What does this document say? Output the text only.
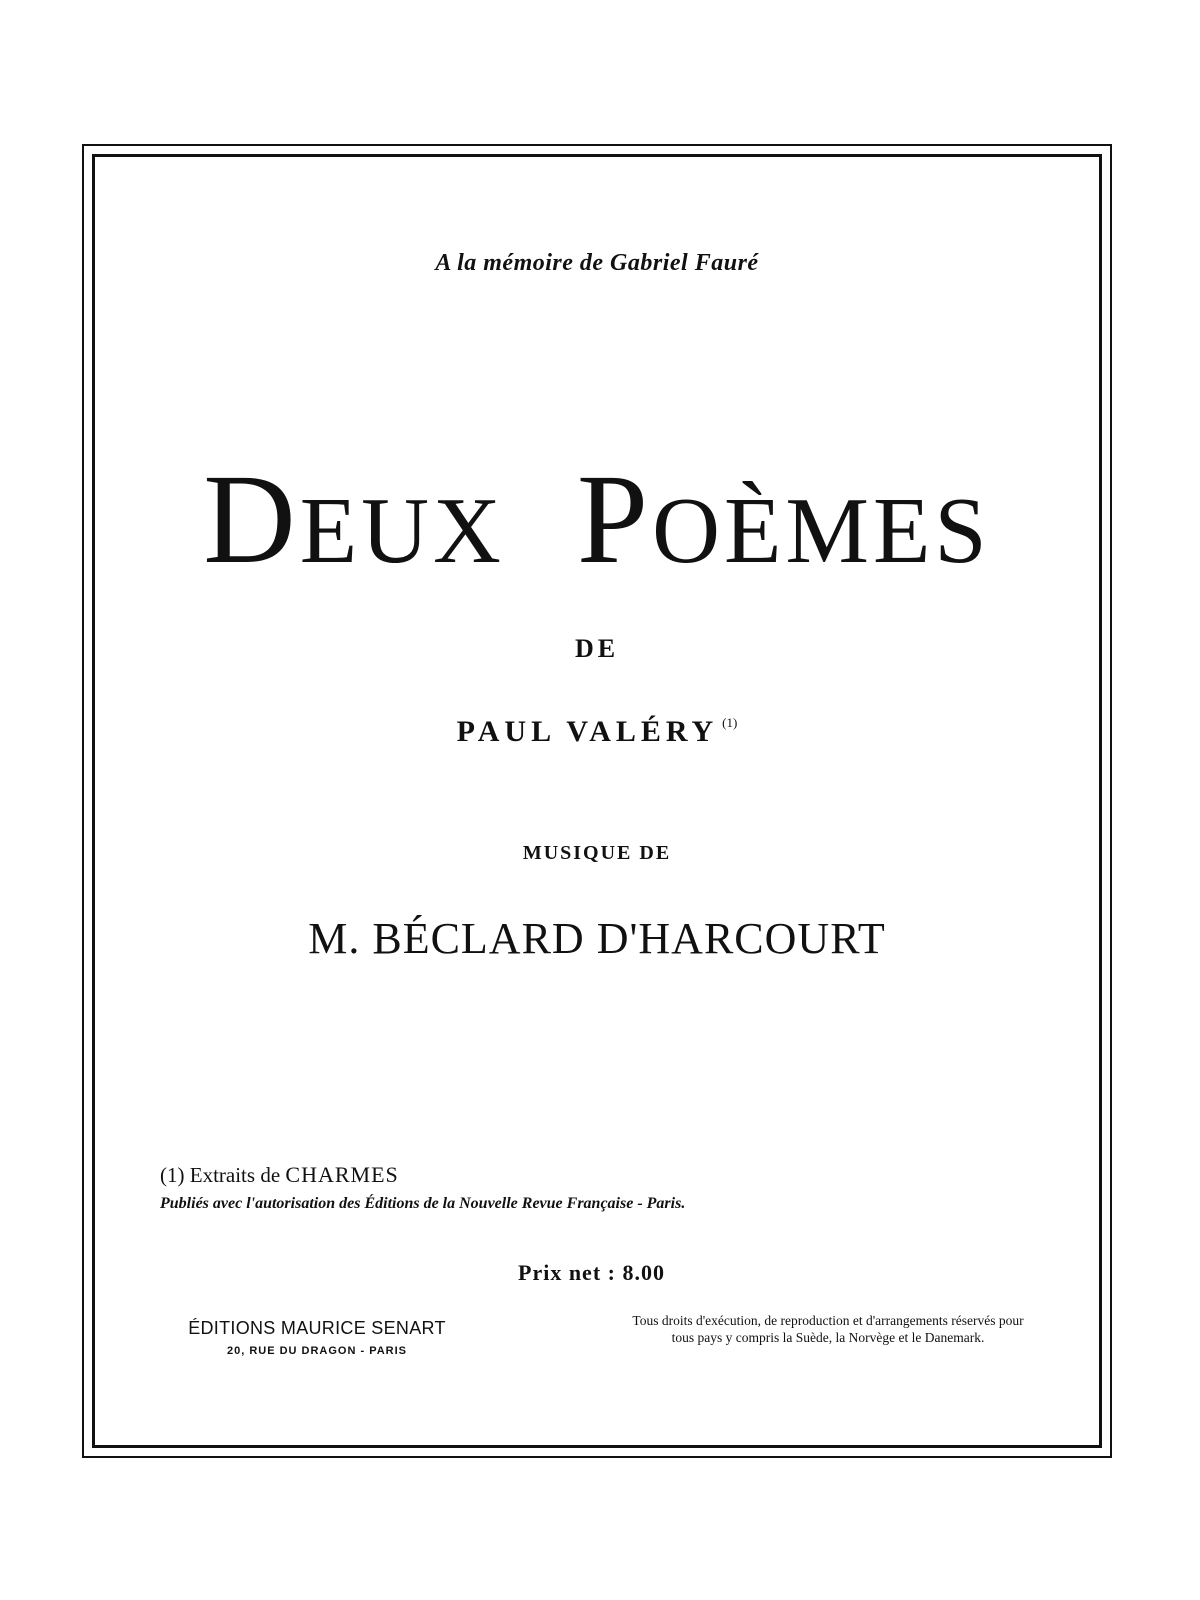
A la mémoire de Gabriel Fauré
DEUX POÈMES
DE
PAUL VALÉRY $^{(1)}$
MUSIQUE DE
M. BÉCLARD D'HARCOURT
(1) Extraits de CHARMES
Publiés avec l'autorisation des Éditions de la Nouvelle Revue Française - Paris.
Prix net : 8.00
ÉDITIONS MAURICE SENART
20, RUE DU DRAGON - PARIS
Tous droits d'exécution, de reproduction et d'arrangements réservés pour tous pays y compris la Suède, la Norvège et le Danemark.
